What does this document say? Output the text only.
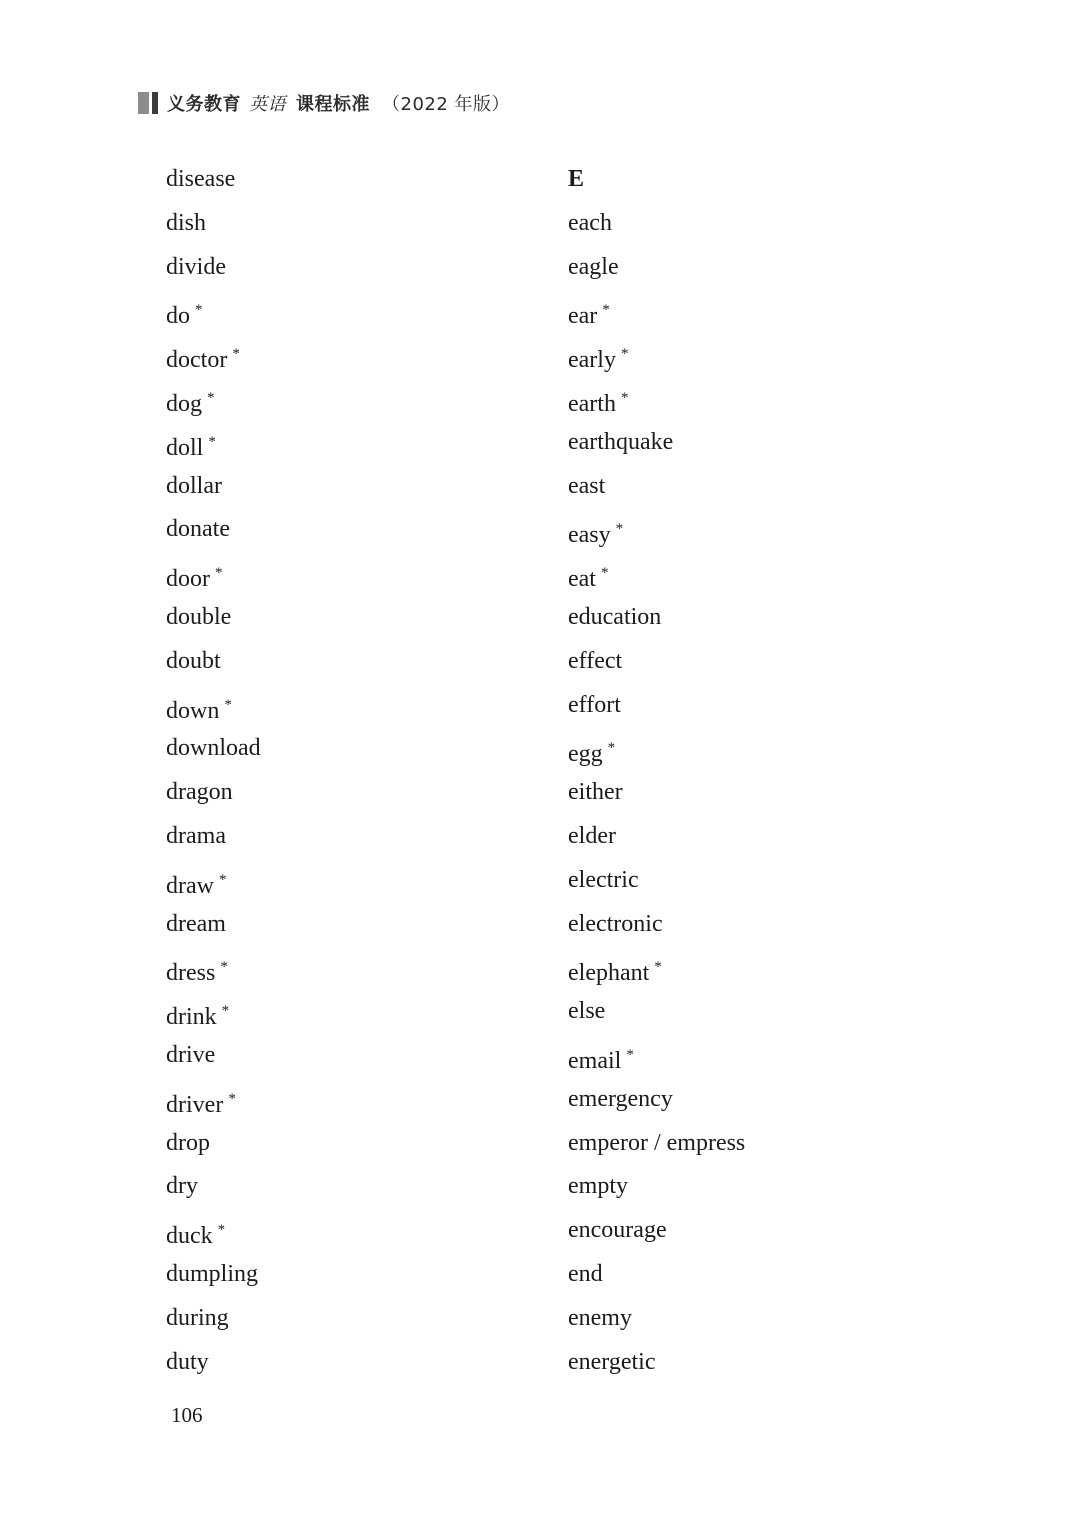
义务教育 英语 课程标准 （2022 年版）
disease
dish
divide
do *
doctor *
dog *
doll *
dollar
donate
door *
double
doubt
down *
download
dragon
drama
draw *
dream
dress *
drink *
drive
driver *
drop
dry
duck *
dumpling
during
duty
E
each
eagle
ear *
early *
earth *
earthquake
east
easy *
eat *
education
effect
effort
egg *
either
elder
electric
electronic
elephant *
else
email *
emergency
emperor / empress
empty
encourage
end
enemy
energetic
106
